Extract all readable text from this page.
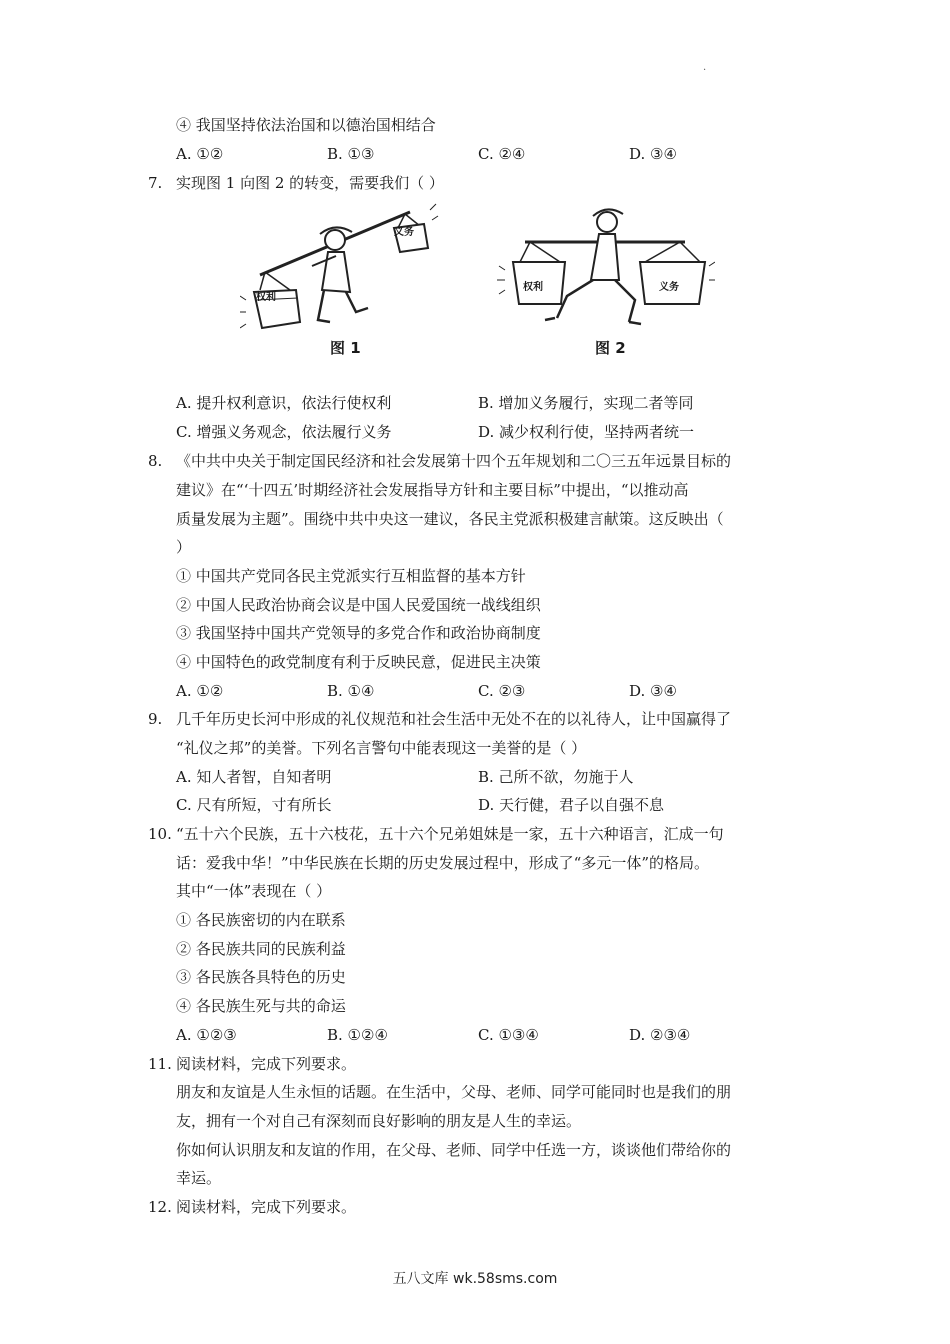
.
④ 我国坚持依法治国和以德治国相结合
A. ①②	B. ①③	C. ②④	D. ③④
7. 实现图 1 向图 2 的转变，需要我们（ ）
权利
义务
图 1
权利	义务
图 2
A. 提升权利意识，依法行使权利	B. 增加义务履行，实现二者等同
C. 增强义务观念，依法履行义务	D. 减少权利行使，坚持两者统一
8. 《中共中央关于制定国民经济和社会发展第十四个五年规划和二〇三五年远景目标的
建议》在“‘十四五’时期经济社会发展指导方针和主要目标”中提出，“以推动高
质量发展为主题”。围绕中共中央这一建议，各民主党派积极建言献策。这反映出（
）
① 中国共产党同各民主党派实行互相监督的基本方针
② 中国人民政治协商会议是中国人民爱国统一战线组织
③ 我国坚持中国共产党领导的多党合作和政治协商制度
④ 中国特色的政党制度有利于反映民意，促进民主决策
A. ①②	B. ①④	C. ②③	D. ③④
9. 几千年历史长河中形成的礼仪规范和社会生活中无处不在的以礼待人，让中国赢得了
“礼仪之邦”的美誉。下列名言警句中能表现这一美誉的是（ ）
A. 知人者智，自知者明	B. 己所不欲，勿施于人
C. 尺有所短，寸有所长	D. 天行健，君子以自强不息
10. “五十六个民族，五十六枝花，五十六个兄弟姐妹是一家，五十六种语言，汇成一句
话：爱我中华！”中华民族在长期的历史发展过程中，形成了“多元一体”的格局。
其中“一体”表现在（ ）
① 各民族密切的内在联系
② 各民族共同的民族利益
③ 各民族各具特色的历史
④ 各民族生死与共的命运
A. ①②③	B. ①②④	C. ①③④	D. ②③④
11. 阅读材料，完成下列要求。
朋友和友谊是人生永恒的话题。在生活中，父母、老师、同学可能同时也是我们的朋
友，拥有一个对自己有深刻而良好影响的朋友是人生的幸运。
你如何认识朋友和友谊的作用，在父母、老师、同学中任选一方，谈谈他们带给你的
幸运。
12. 阅读材料，完成下列要求。
五八文库 wk.58sms.com
